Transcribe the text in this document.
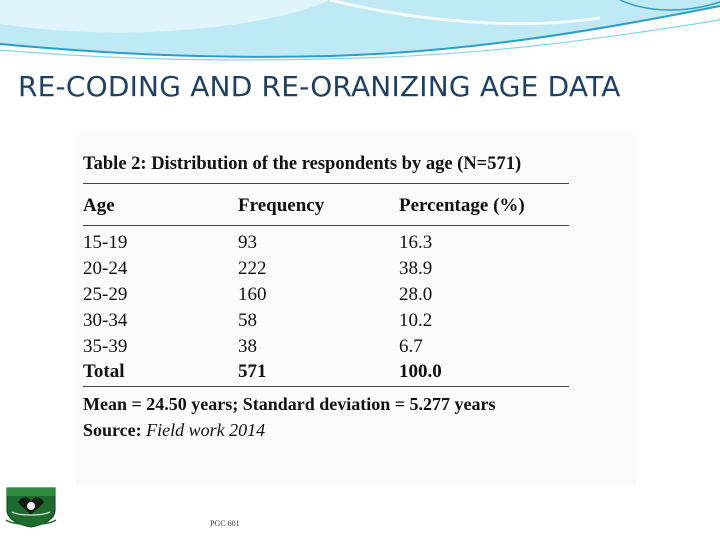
RE-CODING AND RE-ORANIZING AGE DATA
Table 2: Distribution of the respondents by age (N=571)
Age	Frequency	Percentage (%)
15-19	93	16.3
20-24	222	38.9
25-29	160	28.0
30-34	58	10.2
35-39	38	6.7
Total	571	100.0
Mean = 24.50 years; Standard deviation = 5.277 years
Source: Field work 2014
PGC 601
